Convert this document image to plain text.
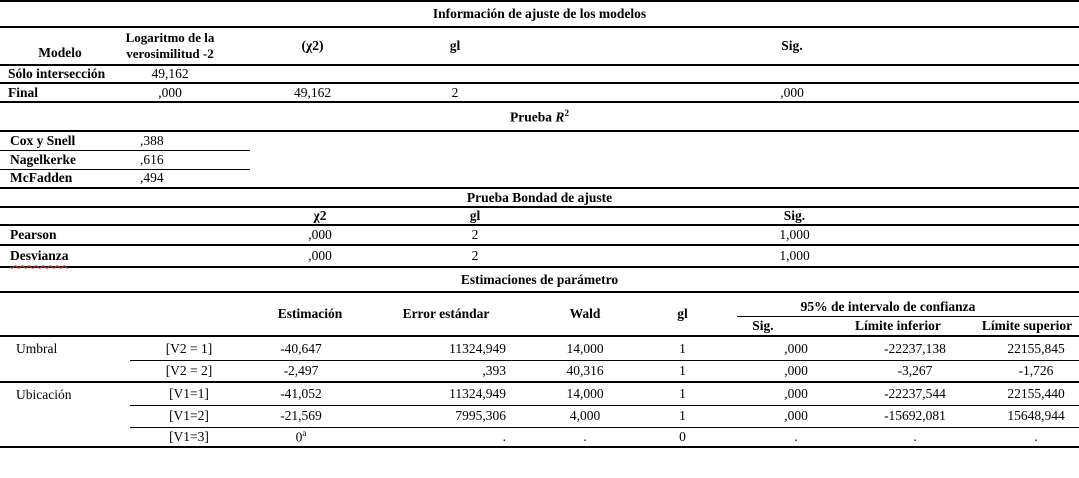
Información de ajuste de los modelos				
Modelo	Logaritmo de la verosimilitud -2	(χ2)	gl	Sig.
Sólo intersección	49,162			
Final	,000	49,162	2	,000
Prueba $R^2$
Cox y Snell	,388	
Nagelkerke	,616	
McFadden	,494	
Prueba Bondad de ajuste			
	χ2	gl	Sig.
Pearson	,000	2	1,000
Desvianza	,000	2	1,000
Estimaciones de parámetro								
		Estimación	Error estándar	Wald	gl	95% de intervalo de confianza		

						Sig.	Límite inferior	Límite superior
Umbral	[V2 = 1]	-40,647	11324,949	14,000	1	,000	-22237,138	22155,845
	[V2 = 2]	-2,497	,393	40,316	1	,000	-3,267	-1,726
Ubicación	[V1=1]	-41,052	11324,949	14,000	1	,000	-22237,544	22155,440
	[V1=2]	-21,569	7995,306	4,000	1	,000	-15692,081	15648,944
	[V1=3]	0$^a$	.	.	0	.	.	.
